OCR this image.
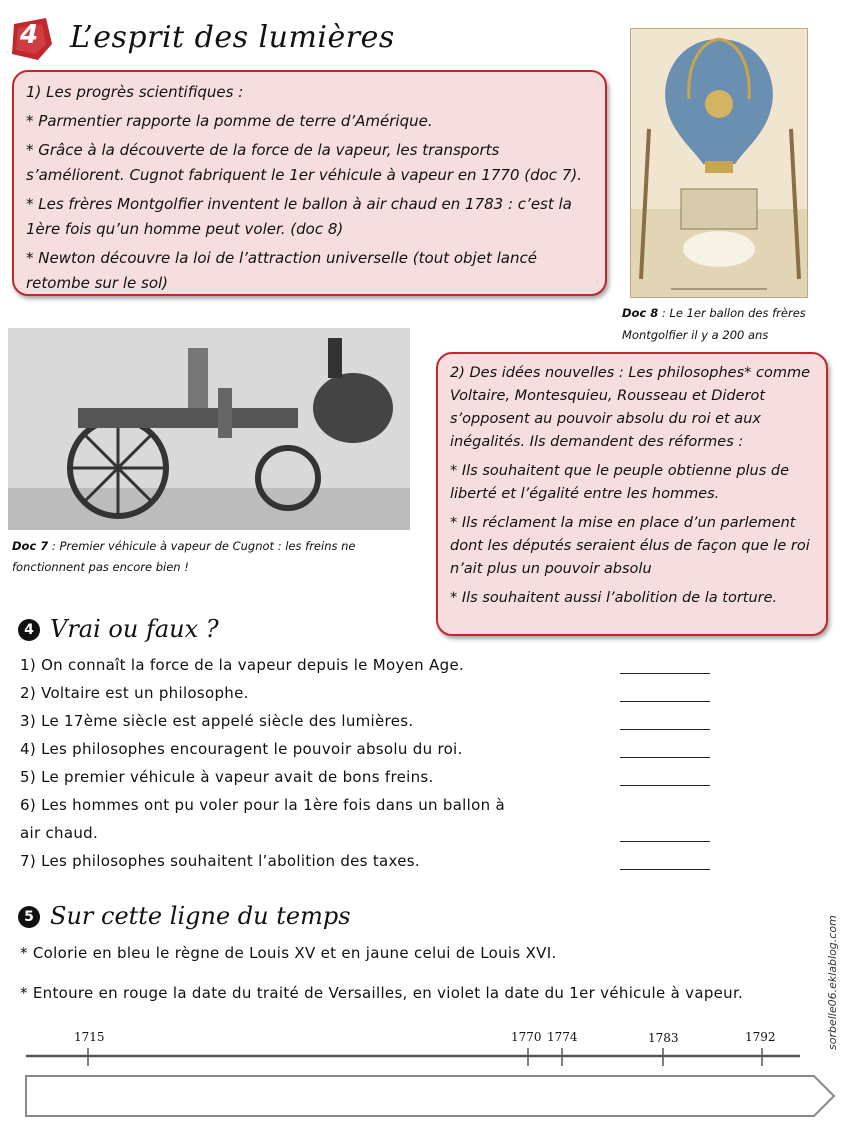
4 L’esprit des lumières

1) Les progrès scientifiques :

* Parmentier rapporte la pomme de terre d’Amérique.

* Grâce à la découverte de la force de la vapeur, les transports s’améliorent. Cugnot fabriquent le 1er véhicule à vapeur en 1770 (doc 7).

* Les frères Montgolfier inventent le ballon à air chaud en 1783 : c’est la 1ère fois qu’un homme peut voler. (doc 8)

* Newton découvre la loi de l’attraction universelle (tout objet lancé retombe sur le sol)

Doc 8 : Le 1er ballon des frères Montgolfier il y a 200 ans
Doc 7 : Premier véhicule à vapeur de Cugnot : les freins ne fonctionnent pas encore bien !

2) Des idées nouvelles : Les philosophes* comme Voltaire, Montesquieu, Rousseau et Diderot s’opposent au pouvoir absolu du roi et aux inégalités. Ils demandent des réformes :

* Ils souhaitent que le peuple obtienne plus de liberté et l’égalité entre les hommes.

* Ils réclament la mise en place d’un parlement dont les députés seraient élus de façon que le roi n’ait plus un pouvoir absolu

* Ils souhaitent aussi l’abolition de la torture.

4 Vrai ou faux ?
1) On connaît la force de la vapeur depuis le Moyen Age.
2) Voltaire est un philosophe.
3) Le 17ème siècle est appelé siècle des lumières.
4) Les philosophes encouragent le pouvoir absolu du roi.
5) Le premier véhicule à vapeur avait de bons freins.
6) Les hommes ont pu voler pour la 1ère fois dans un ballon à
air chaud.
7) Les philosophes souhaitent l’abolition des taxes.
5 Sur cette ligne du temps
* Colorie en bleu le règne de Louis XV et en jaune celui de Louis XVI.
* Entoure en rouge la date du traité de Versailles, en violet la date du 1er véhicule à vapeur.
1715	1770 1774	1783	1792	sorbelle06.eklablog.com
